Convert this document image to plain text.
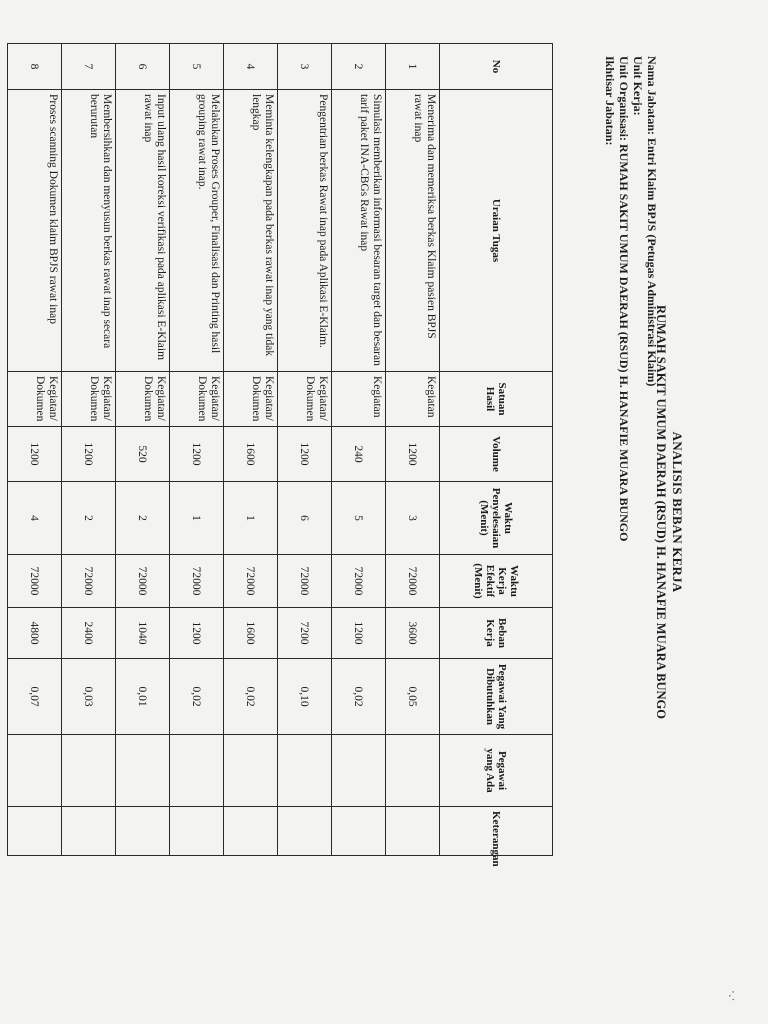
·.·
ANALISIS BEBAN KERJA
RUMAH SAKIT UMUM DAERAH (RSUD) H. HANAFIE MUARA BUNGO
Nama Jabatan: Entri Klaim BPJS (Petugas Administrasi Klaim)
Unit Kerja:
Unit Organisasi: RUMAH SAKIT UMUM DAERAH (RSUD) H. HANAFIE MUARA BUNGO
Ikhtisar Jabatan:
No	Uraian Tugas	Satuan Hasil	Volume	Waktu Penyelesaian (Menit)	Waktu Kerja Efektif (Menit)	Beban Kerja	Pegawai Yang Dibutuhkan	Pegawai yang Ada	Keterangan
1	Menerima dan memeriksa berkas Klaim pasien BPJS rawat inap	Kegiatan	1200	3	72000	3600	0,05		
2	Simulasi memberikan informasi besaran target dan besaran tarif paket INA-CBGs Rawat inap	Kegiatan	240	5	72000	1200	0,02		
3	Pengentrian berkas Rawat inap pada Aplikasi E-Klaim.	Kegiatan/ Dokumen	1200	6	72000	7200	0,10		
4	Meminta kelengkapan pada berkas rawat inap yang tidak lengkap	Kegiatan/ Dokumen	1600	1	72000	1600	0,02		
5	Melakukan Proses Grouper, Finalisasi dan Printing hasil grouping rawat inap.	Kegiatan/ Dokumen	1200	1	72000	1200	0,02		
6	Input ulang hasil koreksi verifikasi pada aplikasi E-Klaim rawat inap	Kegiatan/ Dokumen	520	2	72000	1040	0,01		
7	Membersihkan dan menyusun berkas rawat inap secara berurutan	Kegiatan/ Dokumen	1200	2	72000	2400	0,03		
8	Proses scanning Dokumen klaim BPJS rawat inap	Kegiatan/ Dokumen	1200	4	72000	4800	0,07		
